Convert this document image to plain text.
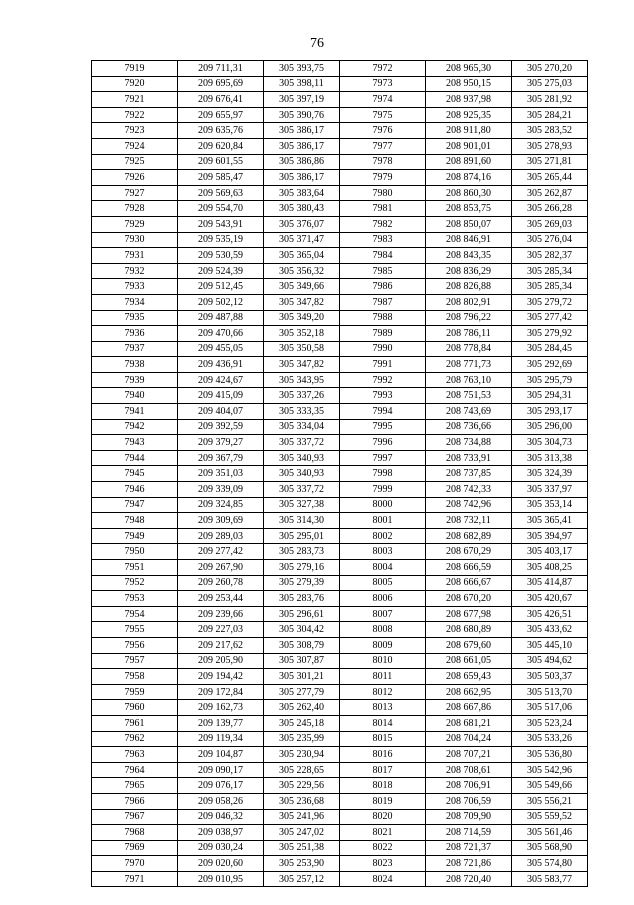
76
7919	209 711,31	305 393,75	7972	208 965,30	305 270,20
7920	209 695,69	305 398,11	7973	208 950,15	305 275,03
7921	209 676,41	305 397,19	7974	208 937,98	305 281,92
7922	209 655,97	305 390,76	7975	208 925,35	305 284,21
7923	209 635,76	305 386,17	7976	208 911,80	305 283,52
7924	209 620,84	305 386,17	7977	208 901,01	305 278,93
7925	209 601,55	305 386,86	7978	208 891,60	305 271,81
7926	209 585,47	305 386,17	7979	208 874,16	305 265,44
7927	209 569,63	305 383,64	7980	208 860,30	305 262,87
7928	209 554,70	305 380,43	7981	208 853,75	305 266,28
7929	209 543,91	305 376,07	7982	208 850,07	305 269,03
7930	209 535,19	305 371,47	7983	208 846,91	305 276,04
7931	209 530,59	305 365,04	7984	208 843,35	305 282,37
7932	209 524,39	305 356,32	7985	208 836,29	305 285,34
7933	209 512,45	305 349,66	7986	208 826,88	305 285,34
7934	209 502,12	305 347,82	7987	208 802,91	305 279,72
7935	209 487,88	305 349,20	7988	208 796,22	305 277,42
7936	209 470,66	305 352,18	7989	208 786,11	305 279,92
7937	209 455,05	305 350,58	7990	208 778,84	305 284,45
7938	209 436,91	305 347,82	7991	208 771,73	305 292,69
7939	209 424,67	305 343,95	7992	208 763,10	305 295,79
7940	209 415,09	305 337,26	7993	208 751,53	305 294,31
7941	209 404,07	305 333,35	7994	208 743,69	305 293,17
7942	209 392,59	305 334,04	7995	208 736,66	305 296,00
7943	209 379,27	305 337,72	7996	208 734,88	305 304,73
7944	209 367,79	305 340,93	7997	208 733,91	305 313,38
7945	209 351,03	305 340,93	7998	208 737,85	305 324,39
7946	209 339,09	305 337,72	7999	208 742,33	305 337,97
7947	209 324,85	305 327,38	8000	208 742,96	305 353,14
7948	209 309,69	305 314,30	8001	208 732,11	305 365,41
7949	209 289,03	305 295,01	8002	208 682,89	305 394,97
7950	209 277,42	305 283,73	8003	208 670,29	305 403,17
7951	209 267,90	305 279,16	8004	208 666,59	305 408,25
7952	209 260,78	305 279,39	8005	208 666,67	305 414,87
7953	209 253,44	305 283,76	8006	208 670,20	305 420,67
7954	209 239,66	305 296,61	8007	208 677,98	305 426,51
7955	209 227,03	305 304,42	8008	208 680,89	305 433,62
7956	209 217,62	305 308,79	8009	208 679,60	305 445,10
7957	209 205,90	305 307,87	8010	208 661,05	305 494,62
7958	209 194,42	305 301,21	8011	208 659,43	305 503,37
7959	209 172,84	305 277,79	8012	208 662,95	305 513,70
7960	209 162,73	305 262,40	8013	208 667,86	305 517,06
7961	209 139,77	305 245,18	8014	208 681,21	305 523,24
7962	209 119,34	305 235,99	8015	208 704,24	305 533,26
7963	209 104,87	305 230,94	8016	208 707,21	305 536,80
7964	209 090,17	305 228,65	8017	208 708,61	305 542,96
7965	209 076,17	305 229,56	8018	208 706,91	305 549,66
7966	209 058,26	305 236,68	8019	208 706,59	305 556,21
7967	209 046,32	305 241,96	8020	208 709,90	305 559,52
7968	209 038,97	305 247,02	8021	208 714,59	305 561,46
7969	209 030,24	305 251,38	8022	208 721,37	305 568,90
7970	209 020,60	305 253,90	8023	208 721,86	305 574,80
7971	209 010,95	305 257,12	8024	208 720,40	305 583,77
